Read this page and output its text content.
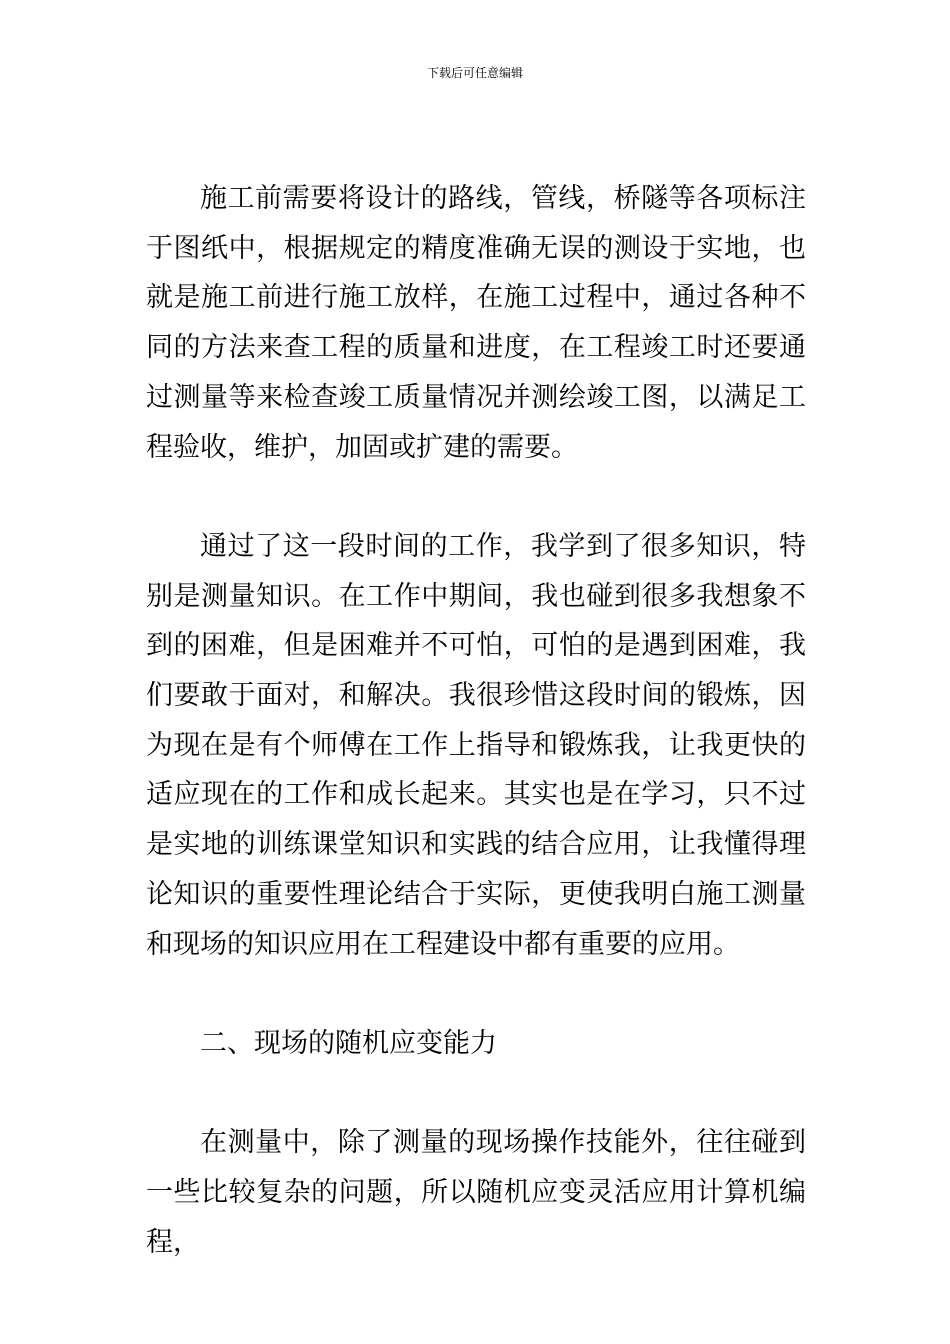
下载后可任意编辑

施工前需要将设计的路线，管线，桥隧等各项标注于图纸中，根据规定的精度准确无误的测设于实地，也就是施工前进行施工放样，在施工过程中，通过各种不同的方法来查工程的质量和进度，在工程竣工时还要通过测量等来检查竣工质量情况并测绘竣工图，以满足工程验收，维护，加固或扩建的需要。

通过了这一段时间的工作，我学到了很多知识，特别是测量知识。在工作中期间，我也碰到很多我想象不到的困难，但是困难并不可怕，可怕的是遇到困难，我们要敢于面对，和解决。我很珍惜这段时间的锻炼，因为现在是有个师傅在工作上指导和锻炼我，让我更快的适应现在的工作和成长起来。其实也是在学习，只不过是实地的训练课堂知识和实践的结合应用，让我懂得理论知识的重要性理论结合于实际，更使我明白施工测量和现场的知识应用在工程建设中都有重要的应用。

二、现场的随机应变能力

在测量中，除了测量的现场操作技能外，往往碰到一些比较复杂的问题，所以随机应变灵活应用计算机编程，
